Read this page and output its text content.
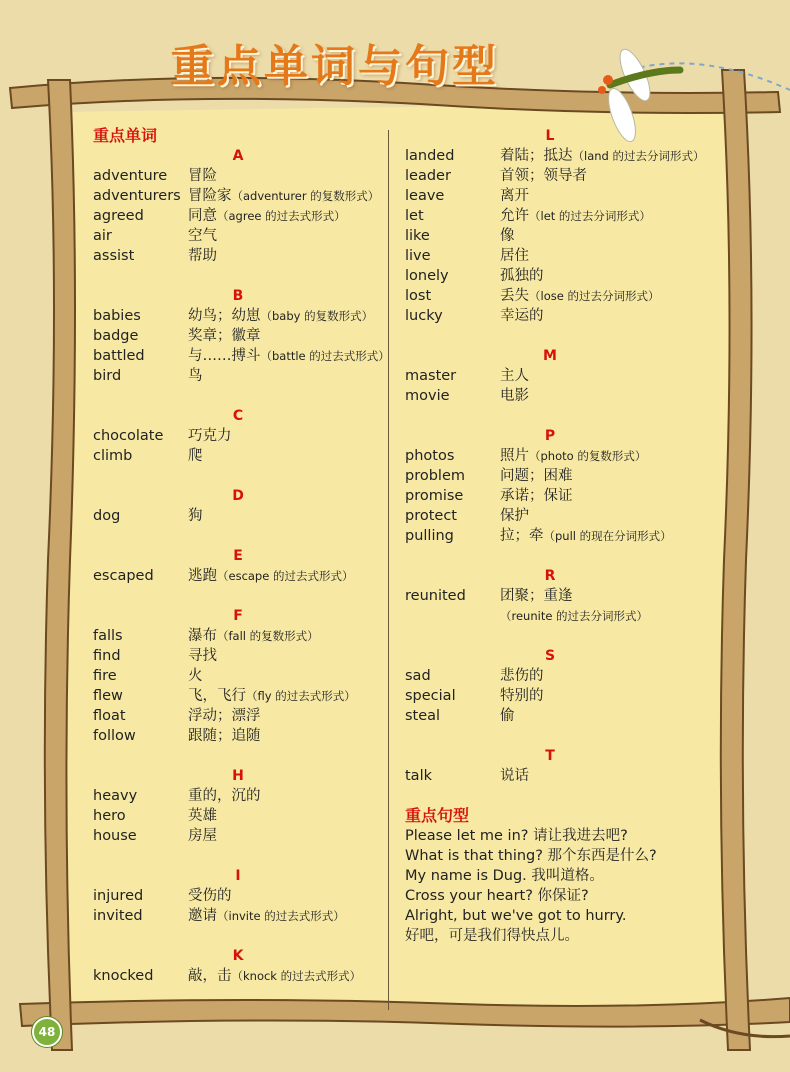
重点单词与句型
重点单词
A
adventure 冒险
adventurers 冒险家（adventurer 的复数形式）
agreed	同意（agree 的过去式形式）
air	空气
assist	帮助
B
babies	幼鸟；幼崽（baby 的复数形式）
badge	奖章；徽章
battled	与……搏斗（battle 的过去式形式）
bird	鸟
C
chocolate 巧克力
climb	爬
D
dog	狗
E
escaped 逃跑（escape 的过去式形式）
F
falls	瀑布（fall 的复数形式）
find	寻找
fire	火
flew	飞，飞行（fly 的过去式形式）
float	浮动；漂浮
follow	跟随；追随
H
heavy	重的，沉的
hero	英雄
house	房屋
I
injured	受伤的
invited	邀请（invite 的过去式形式）
K
knocked 敲，击（knock 的过去式形式）
L
landed	着陆；抵达（land 的过去分词形式）
leader	首领；领导者
leave	离开
let	允许（let 的过去分词形式）
like	像
live	居住
lonely	孤独的
lost	丢失（lose 的过去分词形式）
lucky	幸运的
M
master	主人
movie	电影
P
photos	照片（photo 的复数形式）
problem 问题；困难
promise	承诺；保证
protect	保护
pulling	拉；牵（pull 的现在分词形式）
R
reunited 团聚；重逢
（reunite 的过去分词形式）
S
sad	悲伤的
special	特别的
steal	偷
T
talk	说话
重点句型
Please let me in? 请让我进去吧?
What is that thing? 那个东西是什么?
My name is Dug. 我叫道格。
Cross your heart? 你保证?
Alright, but we've got to hurry.
好吧，可是我们得快点儿。
48
